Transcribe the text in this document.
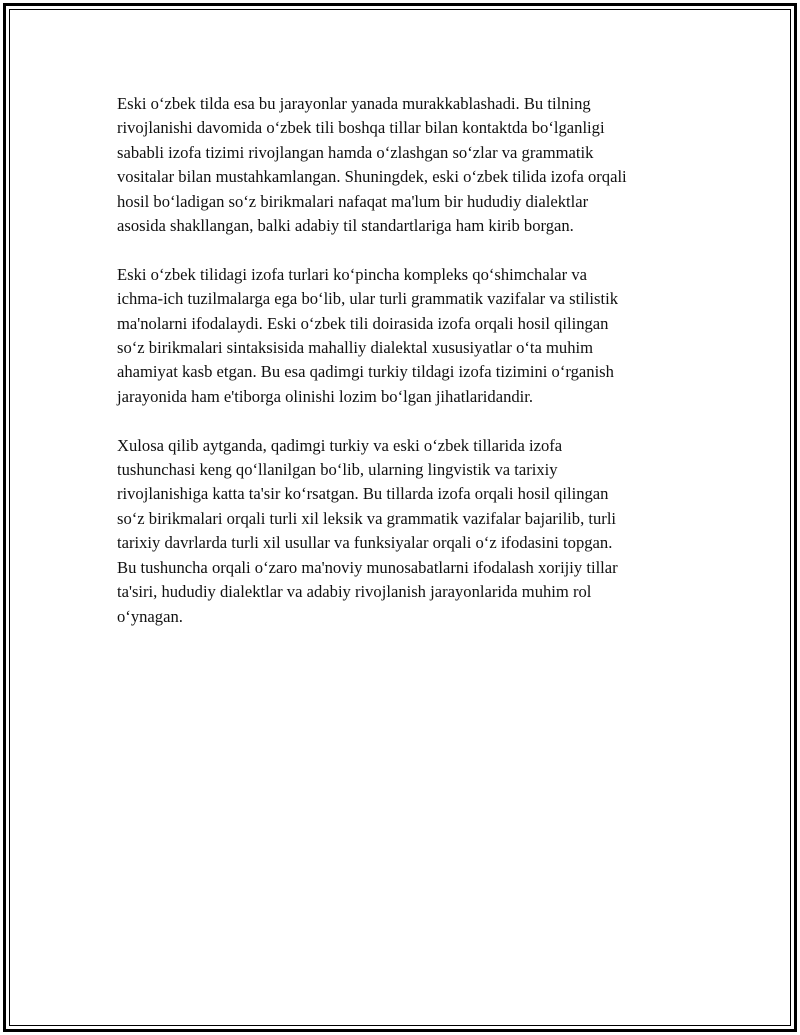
Eski o‘zbek tilda esa bu jarayonlar yanada murakkablashadi. Bu tilning
rivojlanishi davomida o‘zbek tili boshqa tillar bilan kontaktda bo‘lganligi
sababli izofa tizimi rivojlangan hamda o‘zlashgan so‘zlar va grammatik
vositalar bilan mustahkamlangan. Shuningdek, eski o‘zbek tilida izofa orqali
hosil bo‘ladigan so‘z birikmalari nafaqat ma'lum bir hududiy dialektlar
asosida shakllangan, balki adabiy til standartlariga ham kirib borgan.

Eski o‘zbek tilidagi izofa turlari ko‘pincha kompleks qo‘shimchalar va
ichma-ich tuzilmalarga ega bo‘lib, ular turli grammatik vazifalar va stilistik
ma'nolarni ifodalaydi. Eski o‘zbek tili doirasida izofa orqali hosil qilingan
so‘z birikmalari sintaksisida mahalliy dialektal xususiyatlar o‘ta muhim
ahamiyat kasb etgan. Bu esa qadimgi turkiy tildagi izofa tizimini o‘rganish
jarayonida ham e'tiborga olinishi lozim bo‘lgan jihatlaridandir.

Xulosa qilib aytganda, qadimgi turkiy va eski o‘zbek tillarida izofa
tushunchasi keng qo‘llanilgan bo‘lib, ularning lingvistik va tarixiy
rivojlanishiga katta ta'sir ko‘rsatgan. Bu tillarda izofa orqali hosil qilingan
so‘z birikmalari orqali turli xil leksik va grammatik vazifalar bajarilib, turli
tarixiy davrlarda turli xil usullar va funksiyalar orqali o‘z ifodasini topgan.
Bu tushuncha orqali o‘zaro ma'noviy munosabatlarni ifodalash xorijiy tillar
ta'siri, hududiy dialektlar va adabiy rivojlanish jarayonlarida muhim rol
o‘ynagan.
